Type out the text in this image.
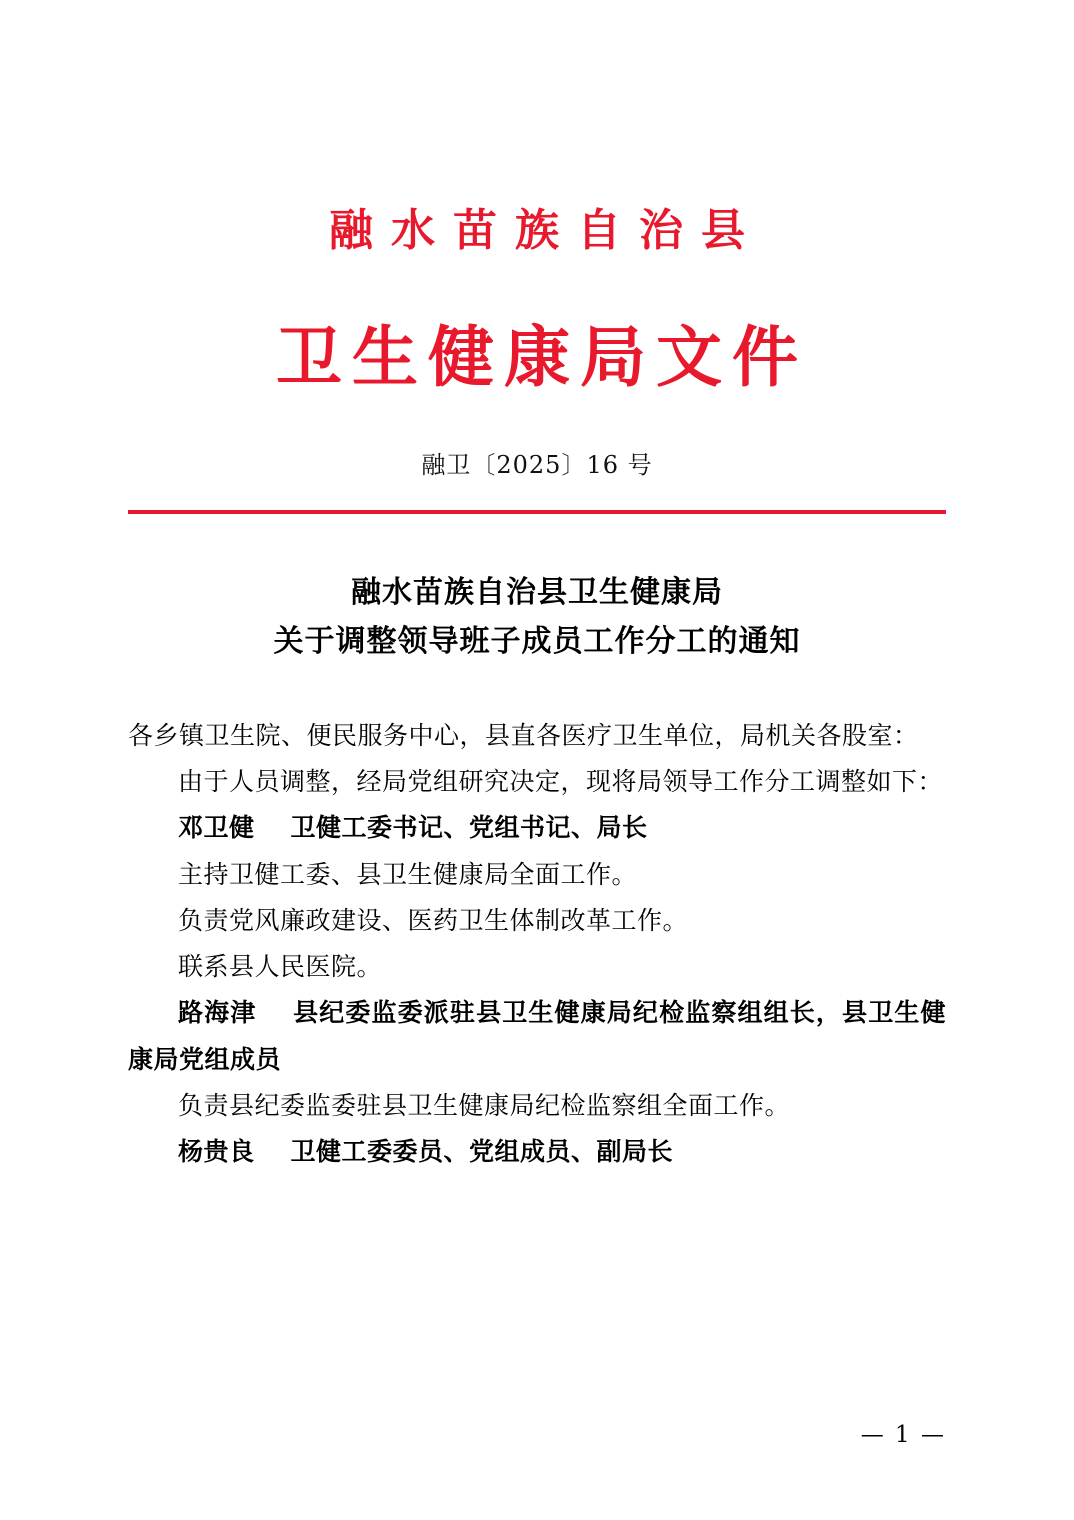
融水苗族自治县
卫生健康局文件
融卫〔2025〕16 号
融水苗族自治县卫生健康局
关于调整领导班子成员工作分工的通知

各乡镇卫生院、便民服务中心，县直各医疗卫生单位，局机关各股室：

由于人员调整，经局党组研究决定，现将局领导工作分工调整如下：

邓卫健 卫健工委书记、党组书记、局长

主持卫健工委、县卫生健康局全面工作。

负责党风廉政建设、医药卫生体制改革工作。

联系县人民医院。

路海津 县纪委监委派驻县卫生健康局纪检监察组组长，县卫生健康局党组成员

负责县纪委监委驻县卫生健康局纪检监察组全面工作。

杨贵良 卫健工委委员、党组成员、副局长

— 1 —
